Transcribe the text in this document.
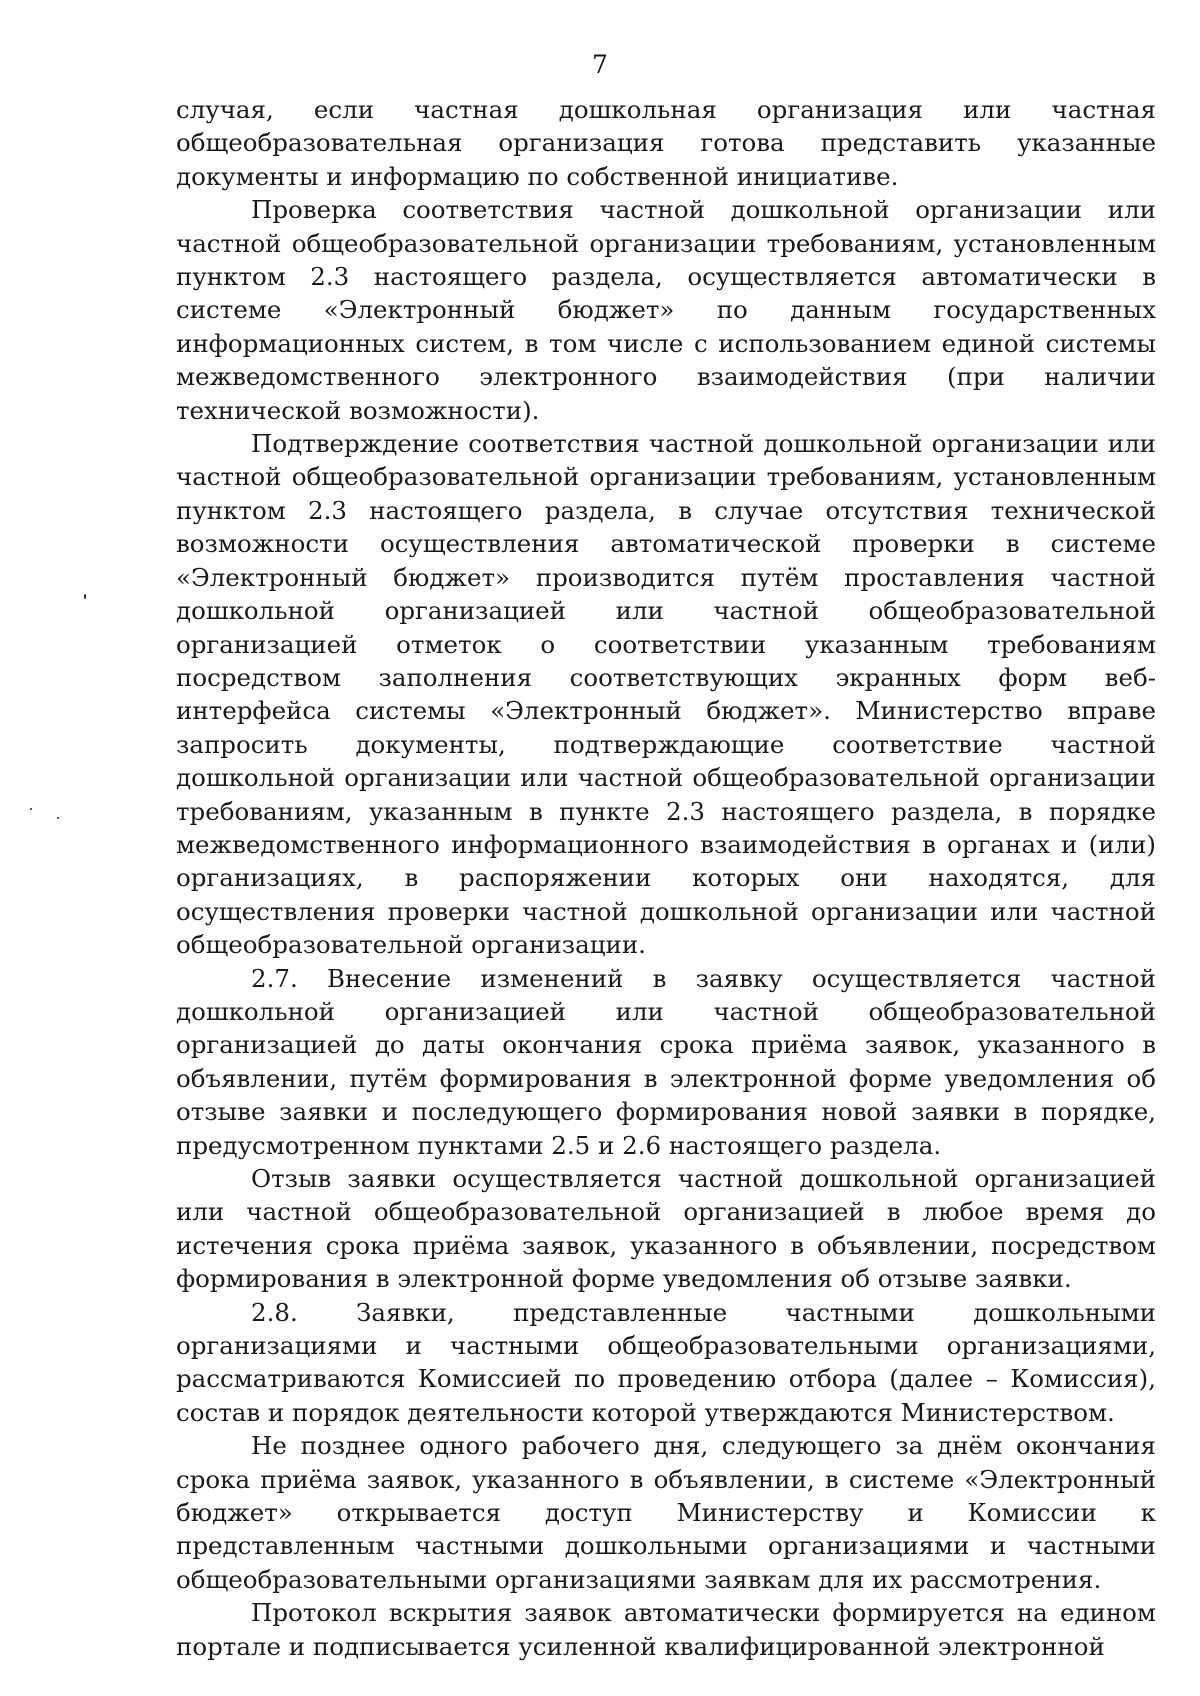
7

случая, если частная дошкольная организация или частная общеобразовательная организация готова представить указанные документы и информацию по собственной инициативе.

Проверка соответствия частной дошкольной организации или частной общеобразовательной организации требованиям, установленным пунктом 2.3 настоящего раздела, осуществляется автоматически в системе «Электронный бюджет» по данным государственных информационных систем, в том числе с использованием единой системы межведомственного электронного взаимодействия (при наличии технической возможности).

Подтверждение соответствия частной дошкольной организации или частной общеобразовательной организации требованиям, установленным пунктом 2.3 настоящего раздела, в случае отсутствия технической возможности осуществления автоматической проверки в системе «Электронный бюджет» производится путём проставления частной дошкольной организацией или частной общеобразовательной организацией отметок о соответствии указанным требованиям посредством заполнения соответствующих экранных форм веб-интерфейса системы «Электронный бюджет». Министерство вправе запросить документы, подтверждающие соответствие частной дошкольной организации или частной общеобразовательной организации требованиям, указанным в пункте 2.3 настоящего раздела, в порядке межведомственного информационного взаимодействия в органах и (или) организациях, в распоряжении которых они находятся, для осуществления проверки частной дошкольной организации или частной общеобразовательной организации.

2.7. Внесение изменений в заявку осуществляется частной дошкольной организацией или частной общеобразовательной организацией до даты окончания срока приёма заявок, указанного в объявлении, путём формирования в электронной форме уведомления об отзыве заявки и последующего формирования новой заявки в порядке, предусмотренном пунктами 2.5 и 2.6 настоящего раздела.

Отзыв заявки осуществляется частной дошкольной организацией или частной общеобразовательной организацией в любое время до истечения срока приёма заявок, указанного в объявлении, посредством формирования в электронной форме уведомления об отзыве заявки.

2.8. Заявки, представленные частными дошкольными организациями и частными общеобразовательными организациями, рассматриваются Комиссией по проведению отбора (далее – Комиссия), состав и порядок деятельности которой утверждаются Министерством.

Не позднее одного рабочего дня, следующего за днём окончания срока приёма заявок, указанного в объявлении, в системе «Электронный бюджет» открывается доступ Министерству и Комиссии к представленным частными дошкольными организациями и частными общеобразовательными организациями заявкам для их рассмотрения.

Протокол вскрытия заявок автоматически формируется на едином портале и подписывается усиленной квалифицированной электронной
